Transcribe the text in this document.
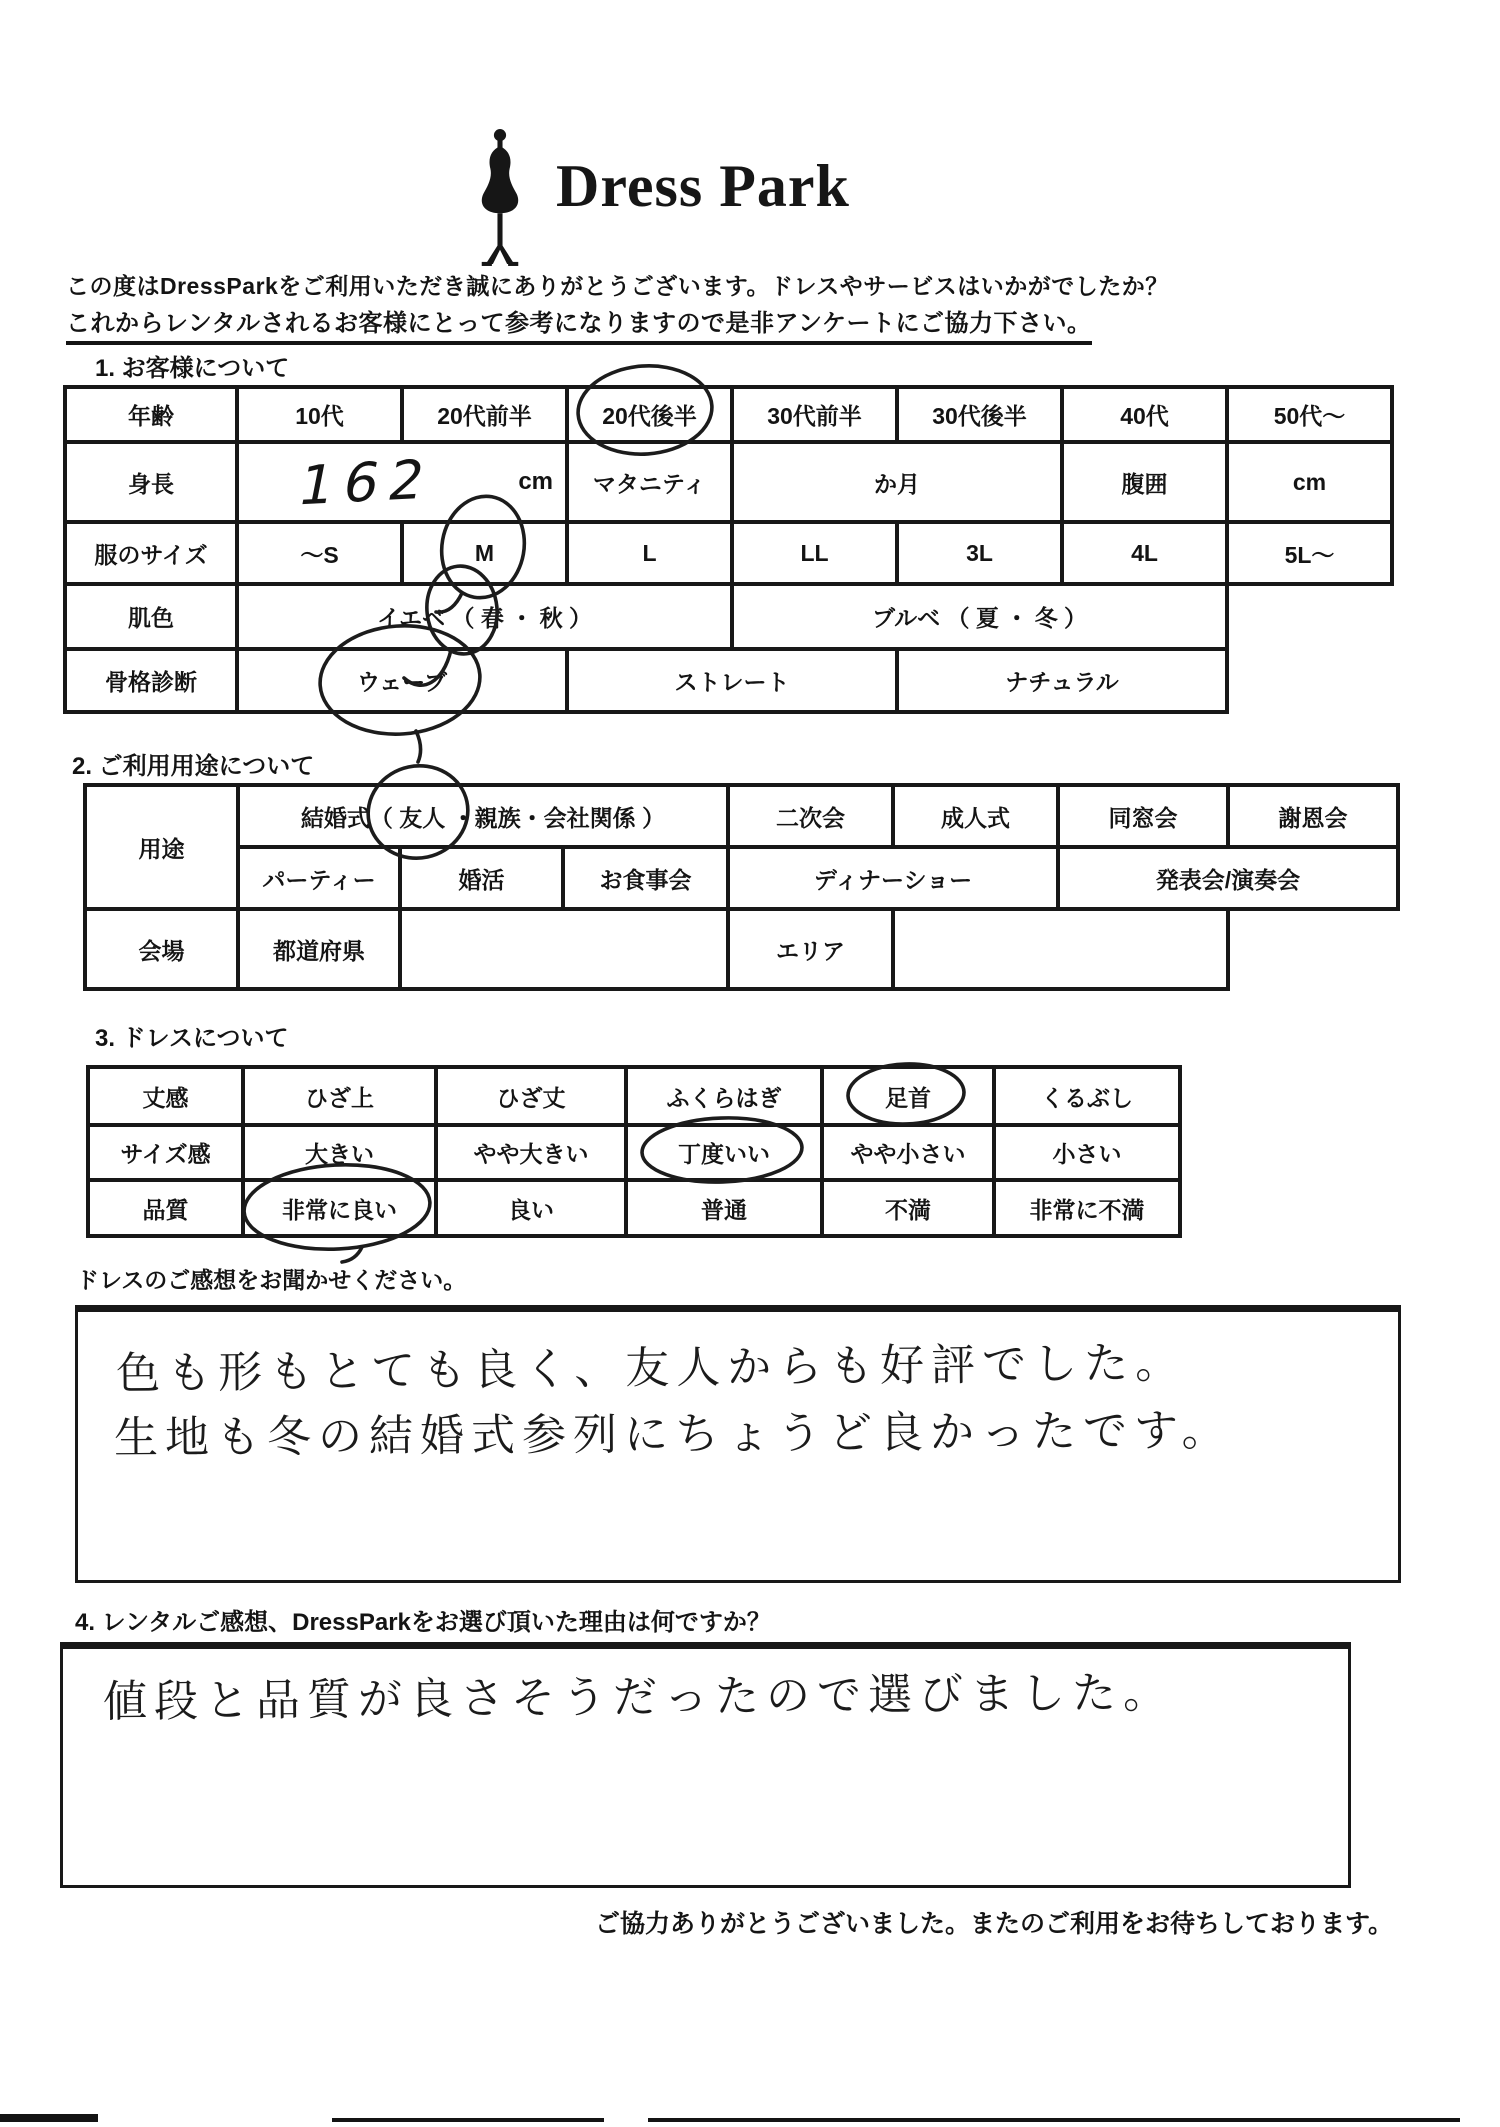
Dress Park
この度はDressParkをご利用いただき誠にありがとうございます。ドレスやサービスはいかがでしたか？
これからレンタルされるお客様にとって参考になりますので是非アンケートにご協力下さい。
1. お客様について
年齢	10代	20代前半	20代後半	30代前半	30代後半	40代	50代〜
身長	162 cm		マタニティ	か月		腹囲	cm
服のサイズ	〜S	M	L	LL	3L	4L	5L〜
肌色	イエベ （ 春 ・ 秋 ）			ブルベ （ 夏 ・ 冬 ）			
骨格診断	ウェーブ		ストレート		ナチュラル		
2. ご利用用途について
用途	結婚式（ 友人 ・親族・会社関係 ）			二次会	成人式	同窓会	謝恩会
	パーティー	婚活	お食事会	ディナーショー		発表会/演奏会	
会場	都道府県			エリア			
3. ドレスについて
丈感	ひざ上	ひざ丈	ふくらはぎ	足首	くるぶし
サイズ感	大きい	やや大きい	丁度いい	やや小さい	小さい
品質	非常に良い	良い	普通	不満	非常に不満
ドレスのご感想をお聞かせください。
色も形もとても良く、友人からも好評でした。
生地も冬の結婚式参列にちょうど良かったです。
4. レンタルご感想、DressParkをお選び頂いた理由は何ですか？
値段と品質が良さそうだったので選びました。
ご協力ありがとうございました。またのご利用をお待ちしております。
